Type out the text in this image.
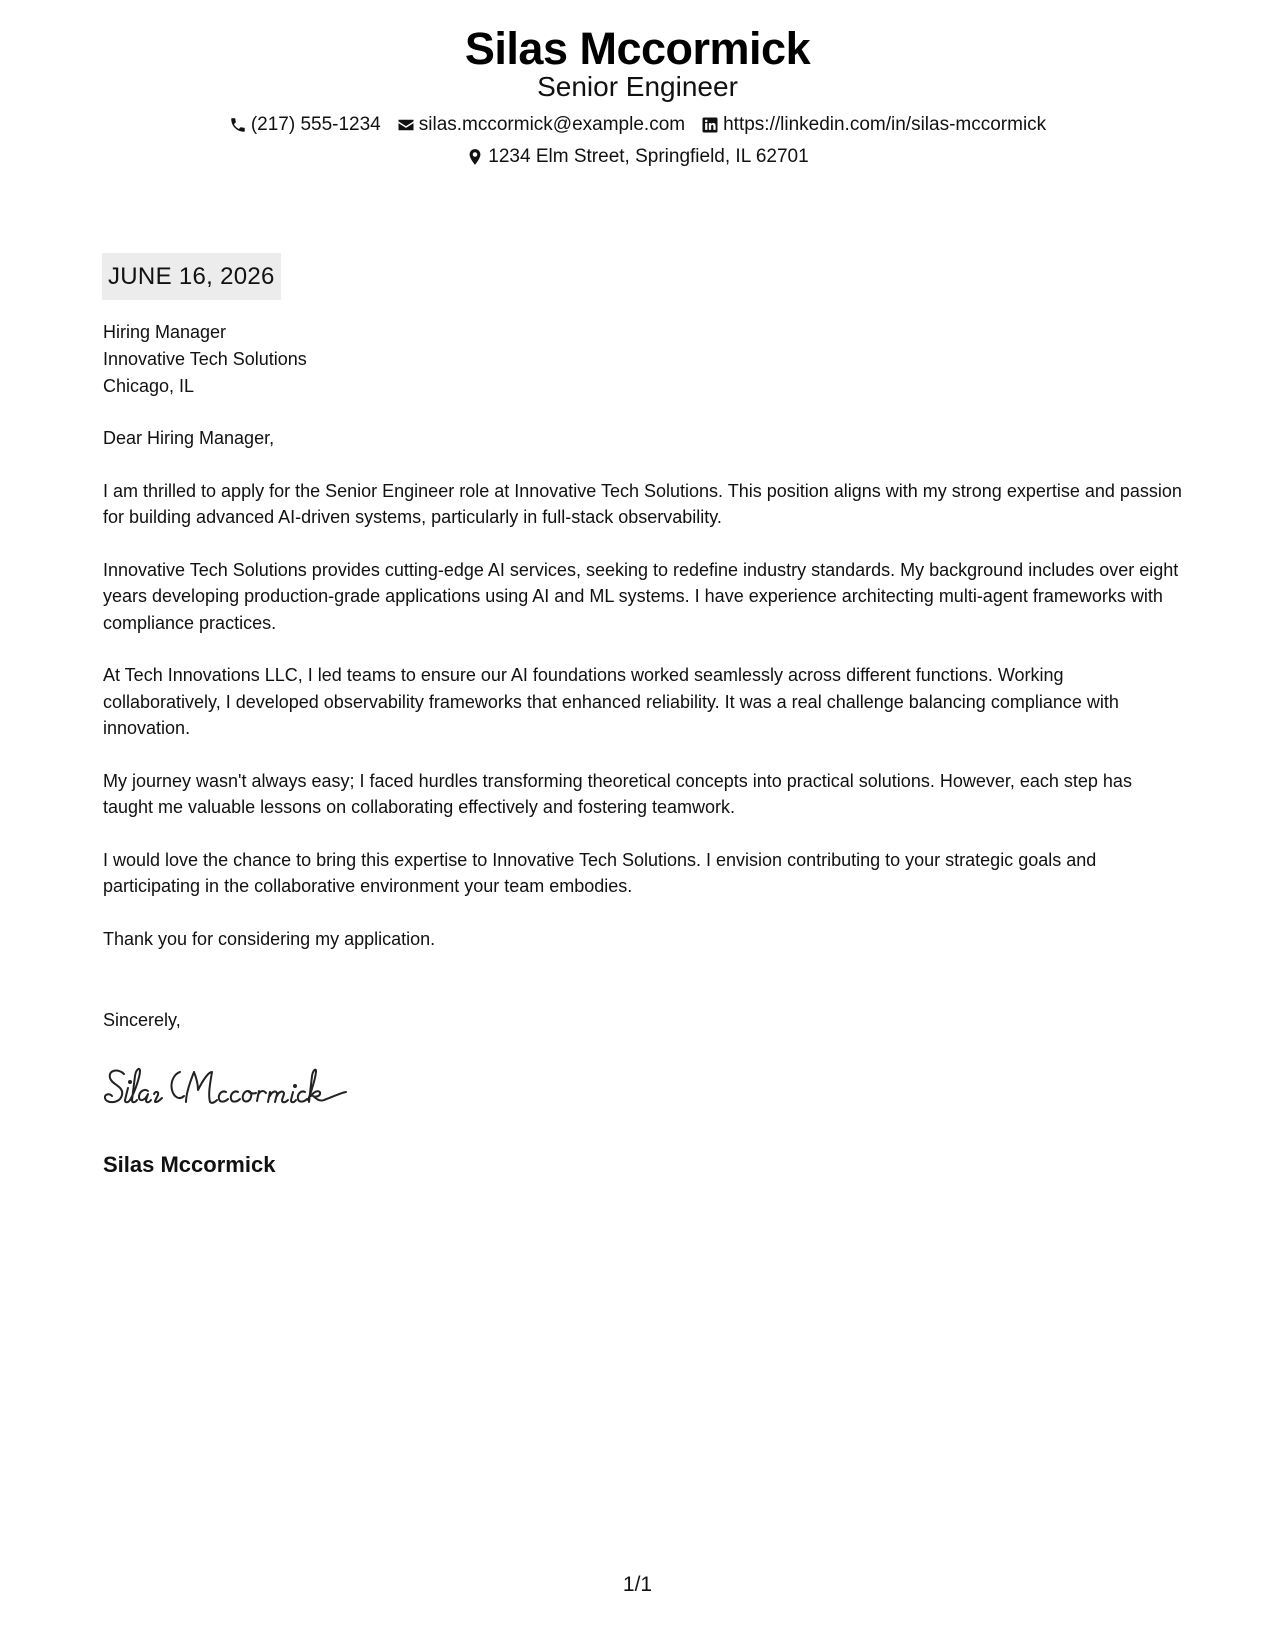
Silas Mccormick
Senior Engineer
(217) 555-1234 silas.mccormick@example.com https://linkedin.com/in/silas-mccormick
1234 Elm Street, Springfield, IL 62701
JUNE 16, 2026
Hiring Manager
Innovative Tech Solutions
Chicago, IL

Dear Hiring Manager,

I am thrilled to apply for the Senior Engineer role at Innovative Tech Solutions. This position aligns with my strong expertise and passion for building advanced AI-driven systems, particularly in full-stack observability.

Innovative Tech Solutions provides cutting-edge AI services, seeking to redefine industry standards. My background includes over eight years developing production-grade applications using AI and ML systems. I have experience architecting multi-agent frameworks with compliance practices.

At Tech Innovations LLC, I led teams to ensure our AI foundations worked seamlessly across different functions. Working collaboratively, I developed observability frameworks that enhanced reliability. It was a real challenge balancing compliance with innovation.

My journey wasn't always easy; I faced hurdles transforming theoretical concepts into practical solutions. However, each step has taught me valuable lessons on collaborating effectively and fostering teamwork.

I would love the chance to bring this expertise to Innovative Tech Solutions. I envision contributing to your strategic goals and participating in the collaborative environment your team embodies.

Thank you for considering my application.

Sincerely,
Silas Mccormick
1/1
